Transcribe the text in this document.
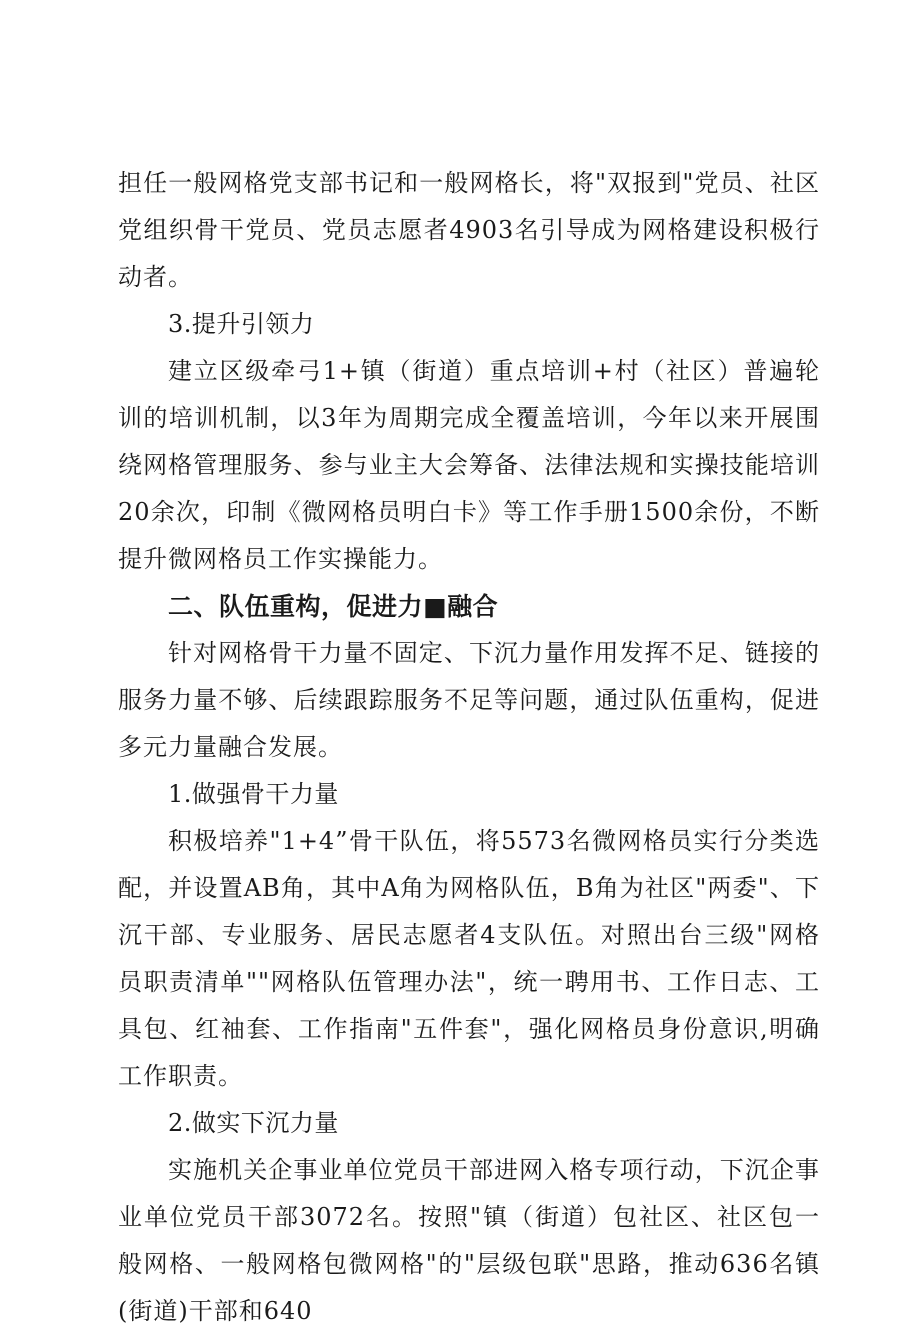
担任一般网格党支部书记和一般网格长，将"双报到"党员、社区党组织骨干党员、党员志愿者4903名引导成为网格建设积极行动者。

3.提升引领力

建立区级牵弓1+镇（街道）重点培训+村（社区）普遍轮训的培训机制，以3年为周期完成全覆盖培训，今年以来开展围绕网格管理服务、参与业主大会筹备、法律法规和实操技能培训20余次，印制《微网格员明白卡》等工作手册1500余份，不断提升微网格员工作实操能力。

二、队伍重构，促进力■融合

针对网格骨干力量不固定、下沉力量作用发挥不足、链接的服务力量不够、后续跟踪服务不足等问题，通过队伍重构，促进多元力量融合发展。

1.做强骨干力量

积极培养"1+4”骨干队伍，将5573名微网格员实行分类选配，并设置AB角，其中A角为网格队伍，B角为社区"两委"、下沉干部、专业服务、居民志愿者4支队伍。对照出台三级"网格员职责清单""网格队伍管理办法"，统一聘用书、工作日志、工具包、红袖套、工作指南"五件套"，强化网格员身份意识,明确工作职责。

2.做实下沉力量

实施机关企事业单位党员干部进网入格专项行动，下沉企事业单位党员干部3072名。按照"镇（街道）包社区、社区包一般网格、一般网格包微网格"的"层级包联"思路，推动636名镇(街道)干部和640
